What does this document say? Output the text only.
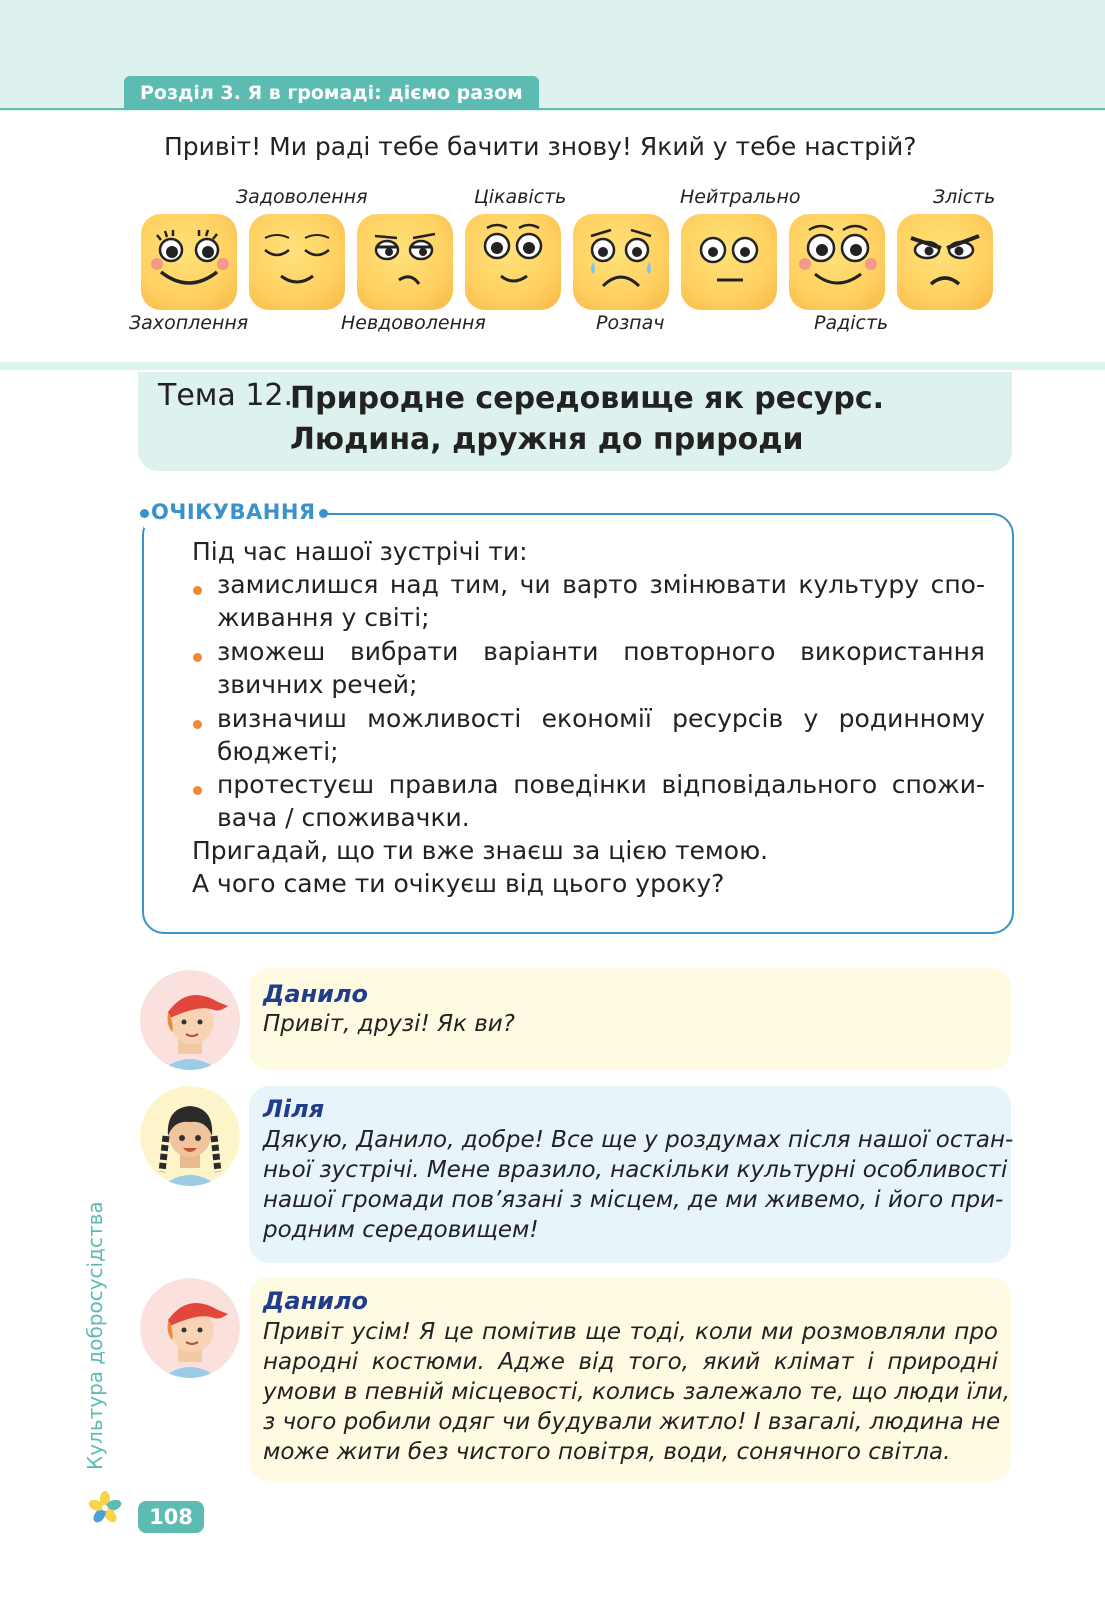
Розділ 3. Я в громаді: діємо разом
Привіт! Ми раді тебе бачити знову! Який у тебе настрій?
Задоволення	Цікавість	Нейтрально	Злість
Захоплення	Невдоволення	Розпач	Радість
Тема 12.
Природне середовище як ресурс.
Людина, дружня до природи
ОЧІКУВАННЯ
Під час нашої зустрічі ти:
замислишся над тим, чи варто змінювати культуру спо-
живання у світі;
зможеш вибрати варіанти повторного використання
звичних речей;
визначиш можливості економії ресурсів у родинному
бюджеті;
протестуєш правила поведінки відповідального спожи-
вача / споживачки.
Пригадай, що ти вже знаєш за цією темою.
А чого саме ти очікуєш від цього уроку?
Данило
Привіт, друзі! Як ви?
Ліля
Дякую, Данило, добре! Все ще у роздумах після нашої остан-
ньої зустрічі. Мене вразило, наскільки культурні особливості
нашої громади пов’язані з місцем, де ми живемо, і його при-
родним середовищем!
Данило
Привіт усім! Я це помітив ще тоді, коли ми розмовляли про
народні костюми. Адже від того, який клімат і природні
умови в певній місцевості, колись залежало те, що люди їли,
з чого робили одяг чи будували житло! І взагалі, людина не
може жити без чистого повітря, води, сонячного світла.
Культура добросусідства
108
